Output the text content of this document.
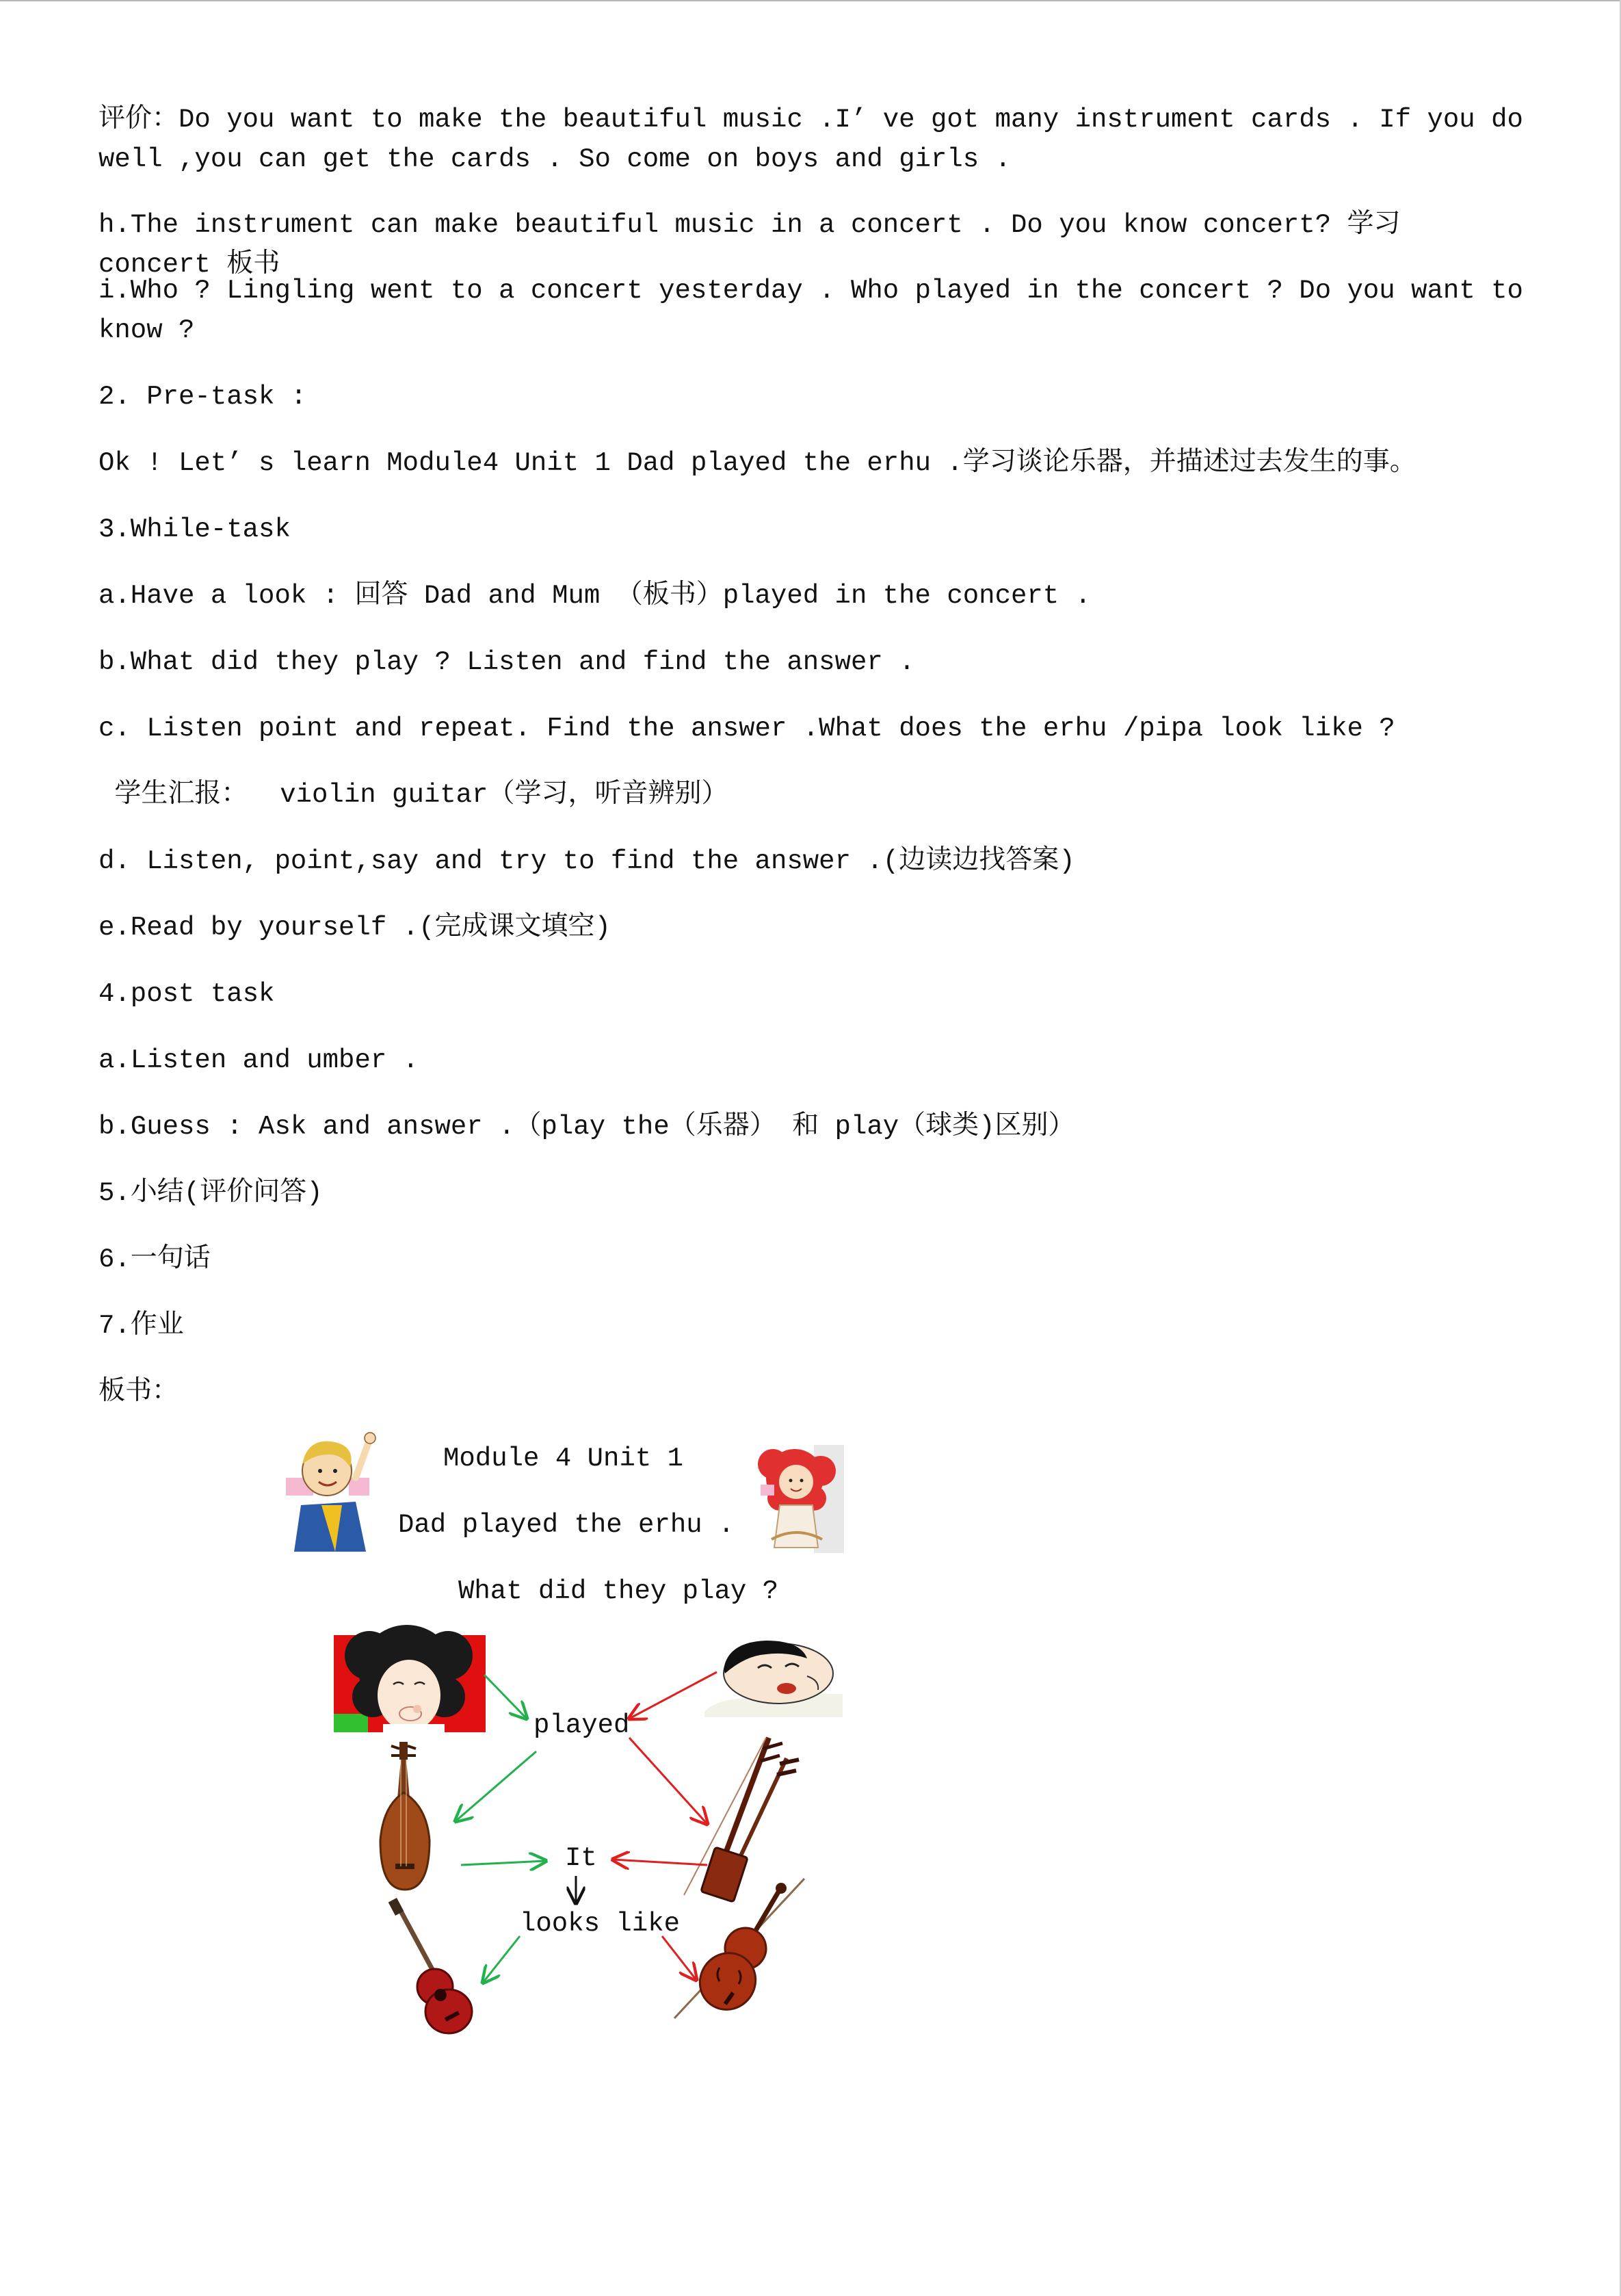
评价：Do you want to make the beautiful music .I’ ve got many instrument cards . If you do well ,you can get the cards . So come on boys and girls .

h.The instrument can make beautiful music in a concert . Do you know concert? 学习 concert 板书

i.Who ? Lingling went to a concert yesterday . Who played in the concert ? Do you want to know ?

2. Pre-task :

Ok ! Let’ s learn Module4 Unit 1 Dad played the erhu .学习谈论乐器，并描述过去发生的事。

3.While-task

a.Have a look : 回答 Dad and Mum （板书）played in the concert .

b.What did they play ? Listen and find the answer .

c. Listen point and repeat. Find the answer .What does the erhu /pipa look like ?

学生汇报：  violin guitar（学习，听音辨别）

d. Listen, point,say and try to find the answer .(边读边找答案)

e.Read by yourself .(完成课文填空)

4.post task

a.Listen and umber .

b.Guess : Ask and answer .（play the（乐器） 和 play（球类)区别）

5.小结(评价问答)

6.一句话

7.作业

板书：

Module 4 Unit 1
Dad played the erhu .
What did they play ?
played
It
looks like
